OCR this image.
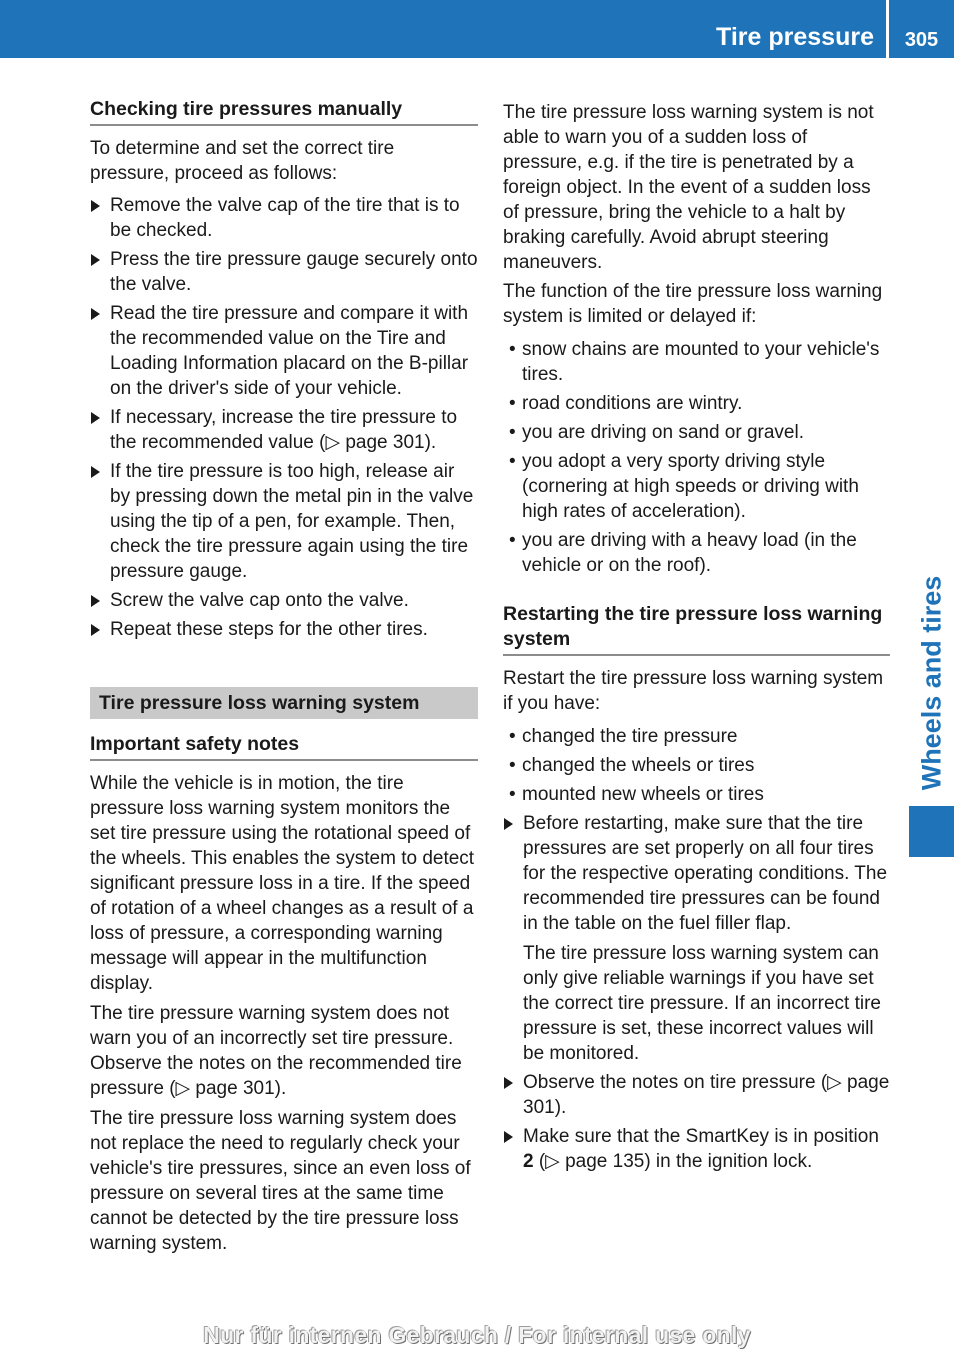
Tire pressure	305
Wheels and tires
Checking tire pressures manually

To determine and set the correct tire pressure, proceed as follows:

Remove the valve cap of the tire that is to be checked.
Press the tire pressure gauge securely onto the valve.
Read the tire pressure and compare it with the recommended value on the Tire and Loading Information placard on the B-pillar on the driver's side of your vehicle.
If necessary, increase the tire pressure to the recommended value (▷ page 301).
If the tire pressure is too high, release air by pressing down the metal pin in the valve using the tip of a pen, for example. Then, check the tire pressure again using the tire pressure gauge.
Screw the valve cap onto the valve.
Repeat these steps for the other tires.
Tire pressure loss warning system
Important safety notes

While the vehicle is in motion, the tire pressure loss warning system monitors the set tire pressure using the rotational speed of the wheels. This enables the system to detect significant pressure loss in a tire. If the speed of rotation of a wheel changes as a result of a loss of pressure, a corresponding warning message will appear in the multifunction display.

The tire pressure warning system does not warn you of an incorrectly set tire pressure. Observe the notes on the recommended tire pressure (▷ page 301).

The tire pressure loss warning system does not replace the need to regularly check your vehicle's tire pressures, since an even loss of pressure on several tires at the same time cannot be detected by the tire pressure loss warning system.

The tire pressure loss warning system is not able to warn you of a sudden loss of pressure, e.g. if the tire is penetrated by a foreign object. In the event of a sudden loss of pressure, bring the vehicle to a halt by braking carefully. Avoid abrupt steering maneuvers.

The function of the tire pressure loss warning system is limited or delayed if:

• snow chains are mounted to your vehicle's tires.
• road conditions are wintry.
• you are driving on sand or gravel.
• you adopt a very sporty driving style (cornering at high speeds or driving with high rates of acceleration).
• you are driving with a heavy load (in the vehicle or on the roof).
Restarting the tire pressure loss warning system

Restart the tire pressure loss warning system if you have:

• changed the tire pressure
• changed the wheels or tires
• mounted new wheels or tires
Before restarting, make sure that the tire pressures are set properly on all four tires for the respective operating conditions. The recommended tire pressures can be found in the table on the fuel filler flap.
The tire pressure loss warning system can only give reliable warnings if you have set the correct tire pressure. If an incorrect tire pressure is set, these incorrect values will be monitored.
Observe the notes on tire pressure (▷ page 301).
Make sure that the SmartKey is in position 2 (▷ page 135) in the ignition lock.
Nur für internen Gebrauch / For internal use only
